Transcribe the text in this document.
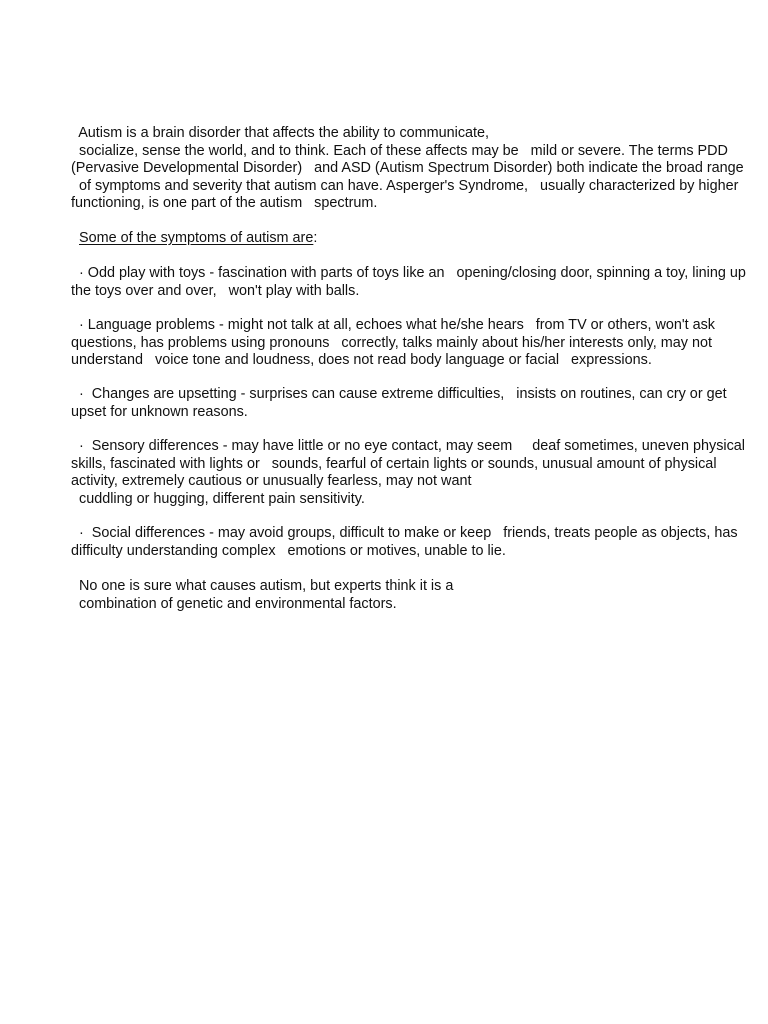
Autism is a brain disorder that affects the ability to communicate,
socialize, sense the world, and to think. Each of these affects may be   mild or severe. The terms PDD
(Pervasive Developmental Disorder)   and ASD (Autism Spectrum Disorder) both indicate the broad range
of symptoms and severity that autism can have. Asperger's Syndrome,   usually characterized by higher
functioning, is one part of the autism   spectrum.
Some of the symptoms of autism are:
· Odd play with toys - fascination with parts of toys like an   opening/closing door, spinning a toy, lining up
the toys over and over,   won't play with balls.
· Language problems - might not talk at all, echoes what he/she hears   from TV or others, won't ask
questions, has problems using pronouns   correctly, talks mainly about his/her interests only, may not
understand   voice tone and loudness, does not read body language or facial   expressions.
·  Changes are upsetting - surprises can cause extreme difficulties,   insists on routines, can cry or get
upset for unknown reasons.
·  Sensory differences - may have little or no eye contact, may seem     deaf sometimes, uneven physical
skills, fascinated with lights or   sounds, fearful of certain lights or sounds, unusual amount of physical
activity, extremely cautious or unusually fearless, may not want
cuddling or hugging, different pain sensitivity.
·  Social differences - may avoid groups, difficult to make or keep   friends, treats people as objects, has
difficulty understanding complex   emotions or motives, unable to lie.
No one is sure what causes autism, but experts think it is a
combination of genetic and environmental factors.
